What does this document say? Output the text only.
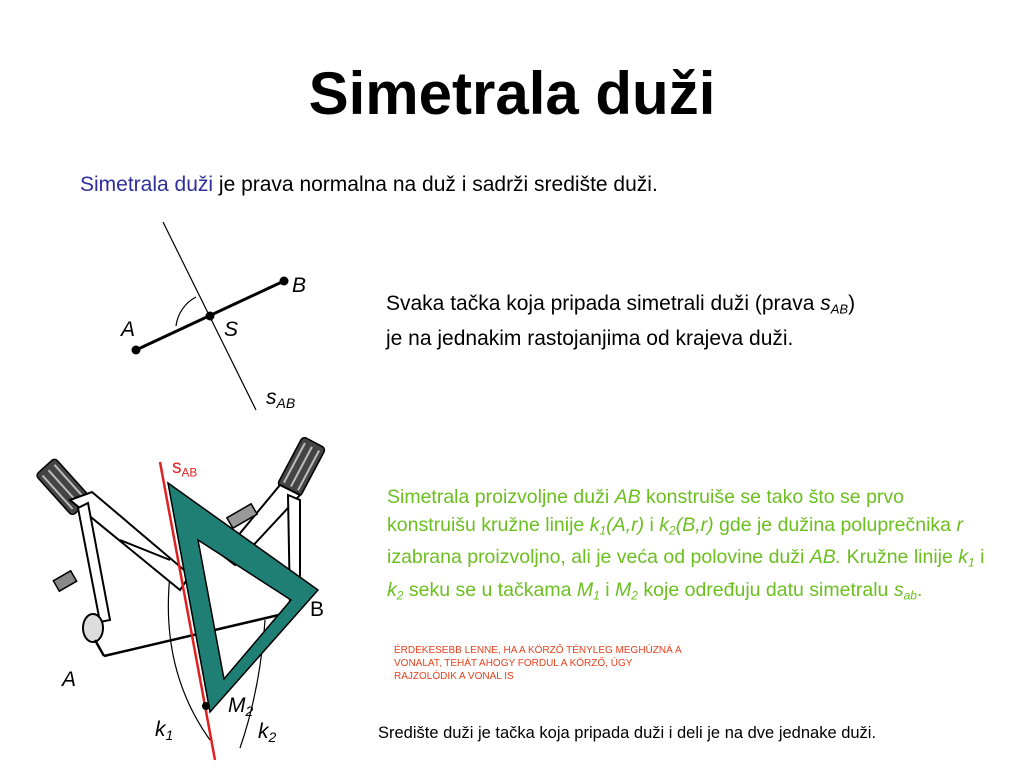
Simetrala duži
Simetrala duži je prava normalna na duž i sadrži središte duži.
B
A	S
$s_{AB}$
Svaka tačka koja pripada simetrali duži (prava $s_{AB}$)
je na jednakim rastojanjima od krajeva duži.
$s_{AB}$
B
A
$M_2$
$k_1$	$k_2$
Simetrala proizvoljne duži AB konstruiše se tako što se prvo konstruišu kružne linije $k_1(A,r)$ i $k_2(B,r)$ gde je dužina poluprečnika r izabrana proizvoljno, ali je veća od polovine duži AB. Kružne linije $k_1$ i $k_2$ seku se u tačkama $M_1$ i $M_2$ koje određuju datu simetralu $s_{ab}$.
ÉRDEKESEBB LENNE, HA A KÖRZŐ TÉNYLEG MEGHÚZNÁ A VONALAT, TEHÁT AHOGY FORDUL A KÖRZŐ, ÚGY RAJZOLÓDIK A VONAL IS
Središte duži je tačka koja pripada duži i deli je na dve jednake duži.
